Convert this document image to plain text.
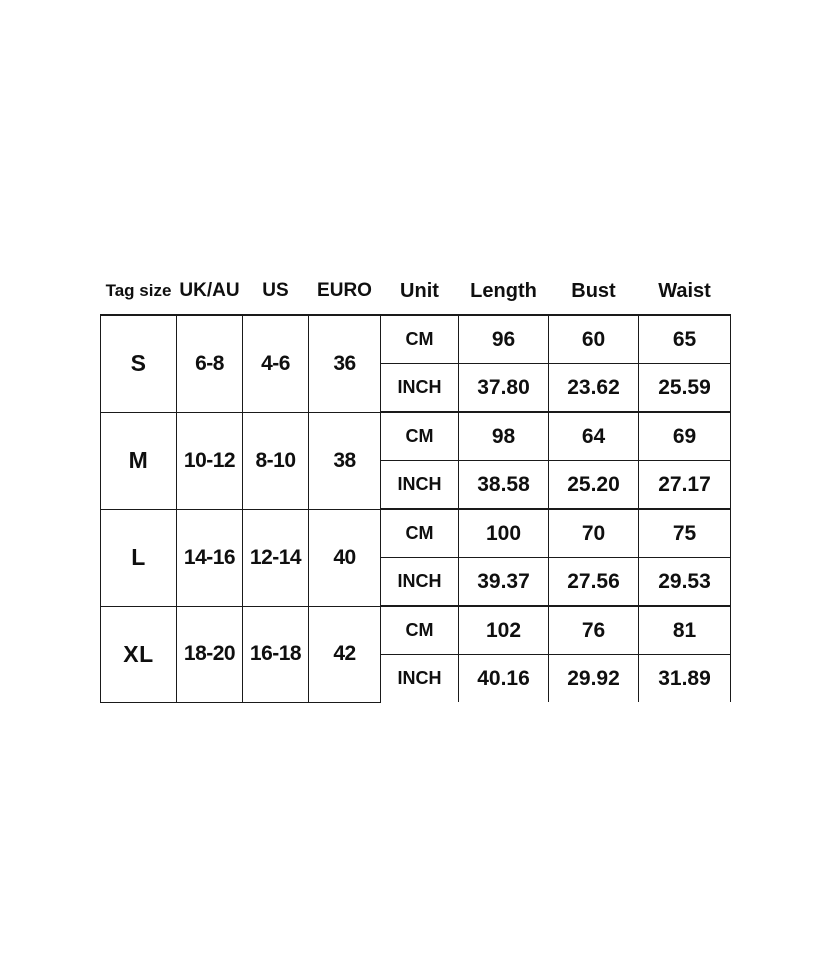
Tag size	UK/AU	US	EURO	Unit	Length	Bust	Waist
S	6-8	4-6	36	CM	96	60	65
				INCH	37.80	23.62	25.59
M	10-12	8-10	38	CM	98	64	69
				INCH	38.58	25.20	27.17
L	14-16	12-14	40	CM	100	70	75
				INCH	39.37	27.56	29.53
XL	18-20	16-18	42	CM	102	76	81
				INCH	40.16	29.92	31.89
